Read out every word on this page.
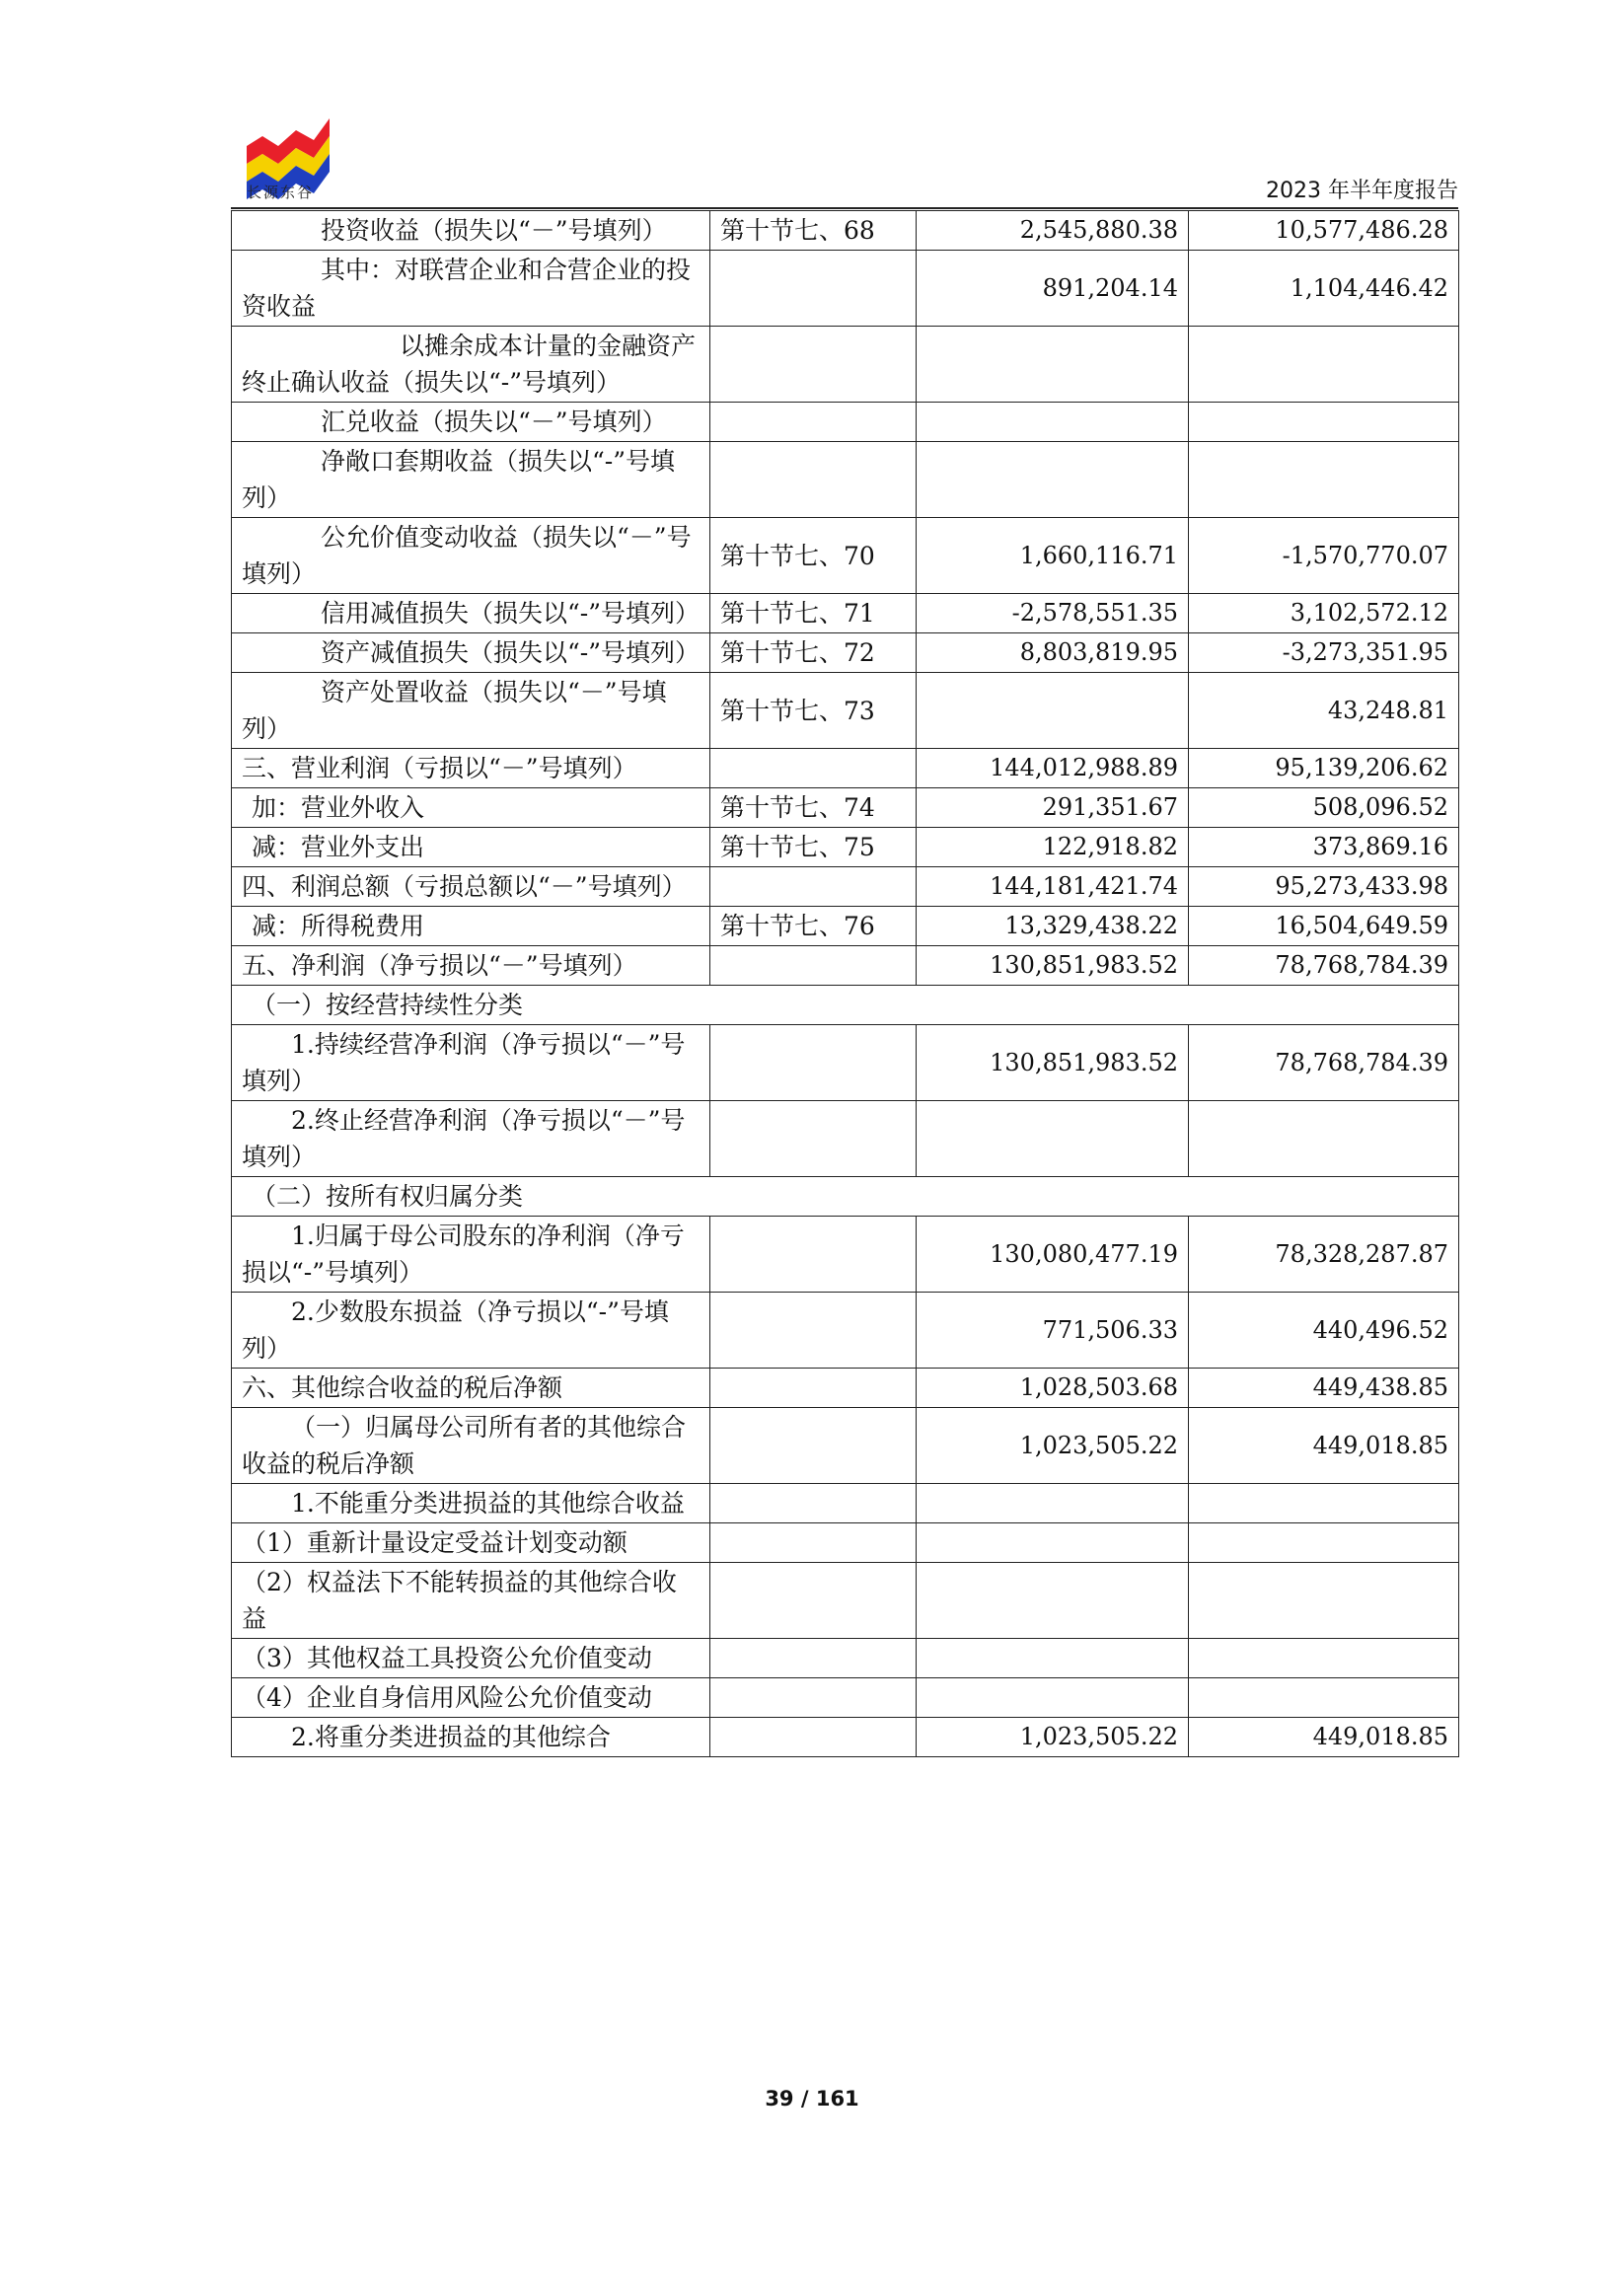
长源东谷	2023 年半年度报告
投资收益（损失以“－”号填列）	第十节七、68	2,545,880.38	10,577,486.28
其中：对联营企业和合营企业的投资收益		891,204.14	1,104,446.42
以摊余成本计量的金融资产终止确认收益（损失以“-”号填列）			
汇兑收益（损失以“－”号填列）			
净敞口套期收益（损失以“-”号填列）			
公允价值变动收益（损失以“－”号填列）	第十节七、70	1,660,116.71	-1,570,770.07
信用减值损失（损失以“-”号填列）	第十节七、71	-2,578,551.35	3,102,572.12
资产减值损失（损失以“-”号填列）	第十节七、72	8,803,819.95	-3,273,351.95
资产处置收益（损失以“－”号填列）	第十节七、73		43,248.81
三、营业利润（亏损以“－”号填列）		144,012,988.89	95,139,206.62
加：营业外收入	第十节七、74	291,351.67	508,096.52
减：营业外支出	第十节七、75	122,918.82	373,869.16
四、利润总额（亏损总额以“－”号填列）		144,181,421.74	95,273,433.98
减：所得税费用	第十节七、76	13,329,438.22	16,504,649.59
五、净利润（净亏损以“－”号填列）		130,851,983.52	78,768,784.39
（一）按经营持续性分类			
1.持续经营净利润（净亏损以“－”号填列）		130,851,983.52	78,768,784.39
2.终止经营净利润（净亏损以“－”号填列）			
（二）按所有权归属分类			
1.归属于母公司股东的净利润（净亏损以“-”号填列）		130,080,477.19	78,328,287.87
2.少数股东损益（净亏损以“-”号填列）		771,506.33	440,496.52
六、其他综合收益的税后净额		1,028,503.68	449,438.85
（一）归属母公司所有者的其他综合收益的税后净额		1,023,505.22	449,018.85
1.不能重分类进损益的其他综合收益			
（1）重新计量设定受益计划变动额			
（2）权益法下不能转损益的其他综合收益			
（3）其他权益工具投资公允价值变动			
（4）企业自身信用风险公允价值变动			
2.将重分类进损益的其他综合		1,023,505.22	449,018.85
39 / 161
